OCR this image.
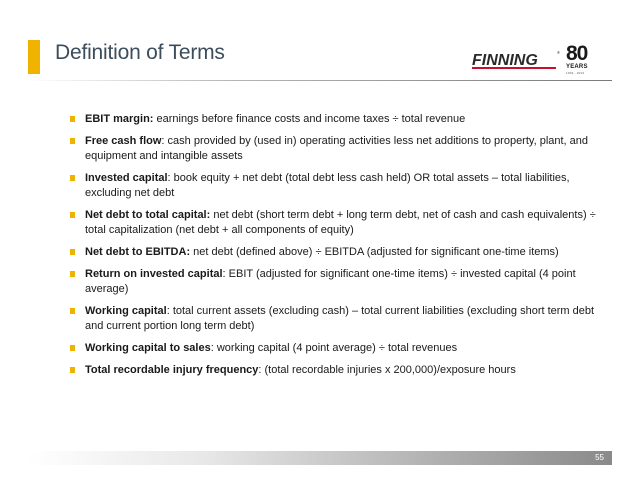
Definition of Terms	FINNING	® 80
YEARS
1933 - 2013
EBIT margin: earnings before finance costs and income taxes ÷ total revenue
Free cash flow: cash provided by (used in) operating activities less net additions to property, plant, and equipment and intangible assets
Invested capital: book equity + net debt (total debt less cash held) OR total assets – total liabilities, excluding net debt
Net debt to total capital: net debt (short term debt + long term debt, net of cash and cash equivalents) ÷ total capitalization (net debt + all components of equity)
Net debt to EBITDA: net debt (defined above) ÷ EBITDA (adjusted for significant one-time items)
Return on invested capital: EBIT (adjusted for significant one-time items) ÷ invested capital (4 point average)
Working capital: total current assets (excluding cash) – total current liabilities (excluding short term debt and current portion long term debt)
Working capital to sales: working capital (4 point average) ÷ total revenues
Total recordable injury frequency: (total recordable injuries x 200,000)/exposure hours
55
